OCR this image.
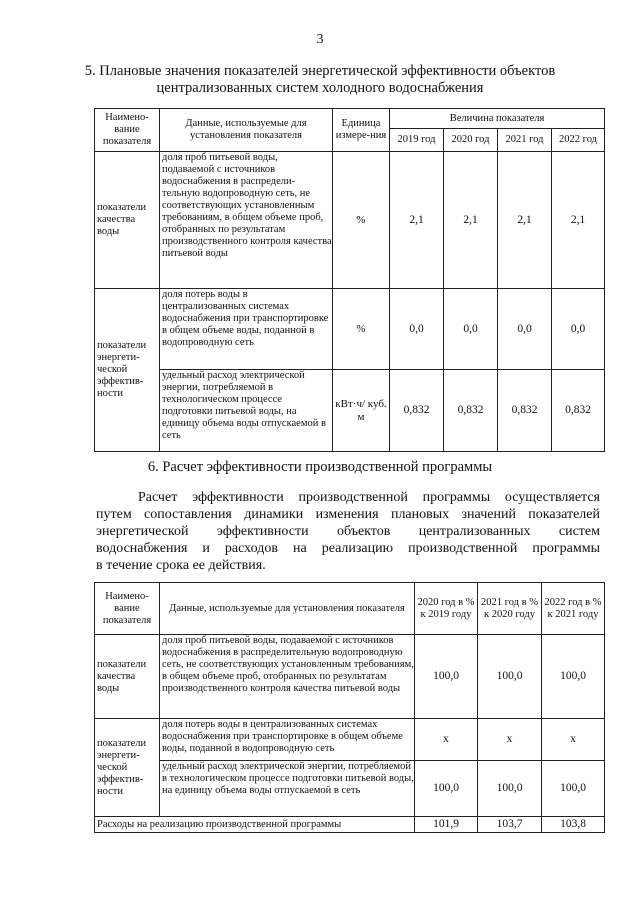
3
5. Плановые значения показателей энергетической эффективности объектов
централизованных систем холодного водоснабжения
Наимено-вание показателя	Данные, используемые для установления показателя	Единица измере-ния	Величина показателя			
			2019 год	2020 год	2021 год	2022 год
показатели качества воды	доля проб питьевой воды, подаваемой с источников водоснабжения в распредели-тельную водопроводную сеть, не соответствующих установленным требованиям, в общем объеме проб, отобранных по результатам производственного контроля качества питьевой воды	%	2,1	2,1	2,1	2,1
показатели энергети-ческой эффектив-ности	доля потерь воды в централизованных системах водоснабжения при транспортировке в общем объеме воды, поданной в водопроводную сеть	%	0,0	0,0	0,0	0,0
	удельный расход электрической энергии, потребляемой в технологическом процессе подготовки питьевой воды, на единицу объема воды отпускаемой в сеть	кВт·ч/ куб. м	0,832	0,832	0,832	0,832
6. Расчет эффективности производственной программы
Расчет эффективности производственной программы осуществляется
путем сопоставления динамики изменения плановых значений показателей
энергетической эффективности объектов централизованных систем
водоснабжения и расходов на реализацию производственной программы
в течение срока ее действия.
Наимено-вание показателя	Данные, используемые для установления показателя	2020 год в % к 2019 году	2021 год в % к 2020 году	2022 год в % к 2021 году
показатели качества воды	доля проб питьевой воды, подаваемой с источников водоснабжения в распределительную водопроводную сеть, не соответствующих установленным требованиям, в общем объеме проб, отобранных по результатам производственного контроля качества питьевой воды	100,0	100,0	100,0
показатели энергети-ческой эффектив-ности	доля потерь воды в централизованных системах водоснабжения при транспортировке в общем объеме воды, поданной в водопроводную сеть	х	х	х
	удельный расход электрической энергии, потребляемой в технологическом процессе подготовки питьевой воды, на единицу объема воды отпускаемой в сеть	100,0	100,0	100,0
Расходы на реализацию производственной программы		101,9	103,7	103,8
